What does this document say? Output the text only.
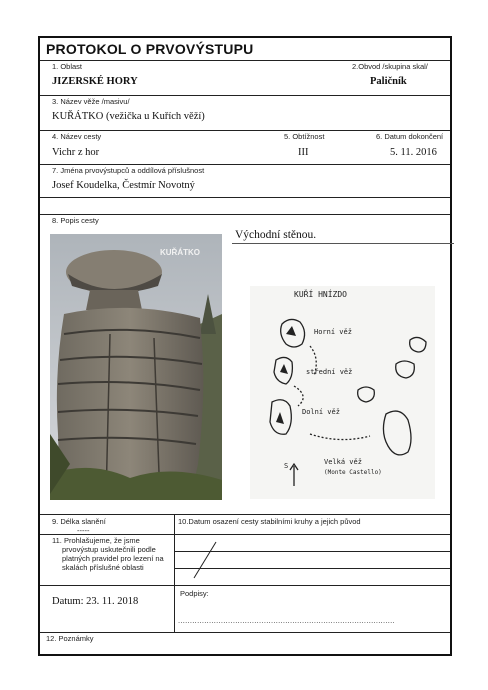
PROTOKOL O PRVOVÝSTUPU
1. Oblast	2.Obvod /skupina skal/
JIZERSKÉ HORY	Paličník
3. Název věže /masivu/
KUŘÁTKO (vežička u Kuřích věží)
4. Název cesty	5. Obtížnost	6. Datum dokončení
Vichr z hor	III	5. 11. 2016
7. Jména prvovýstupců a oddílová příslušnost
Josef Koudelka, Čestmír Novotný
8. Popis cesty
Východní stěnou.
KUŘÁTKO
KUŘÍ HNÍZDO
Horní věž
střední věž
Dolní věž
Velká věž
(Monte Castello)
S
9. Délka slanění
-----
10.Datum osazení cesty stabilními kruhy a jejich původ
11. Prohlašujeme, že jsme
prvovýstup uskutečnili podle
platných pravidel pro lezení na
skalách příslušné oblasti
Datum: 23. 11. 2018
Podpisy:
...........................................................................................
12. Poznámky
